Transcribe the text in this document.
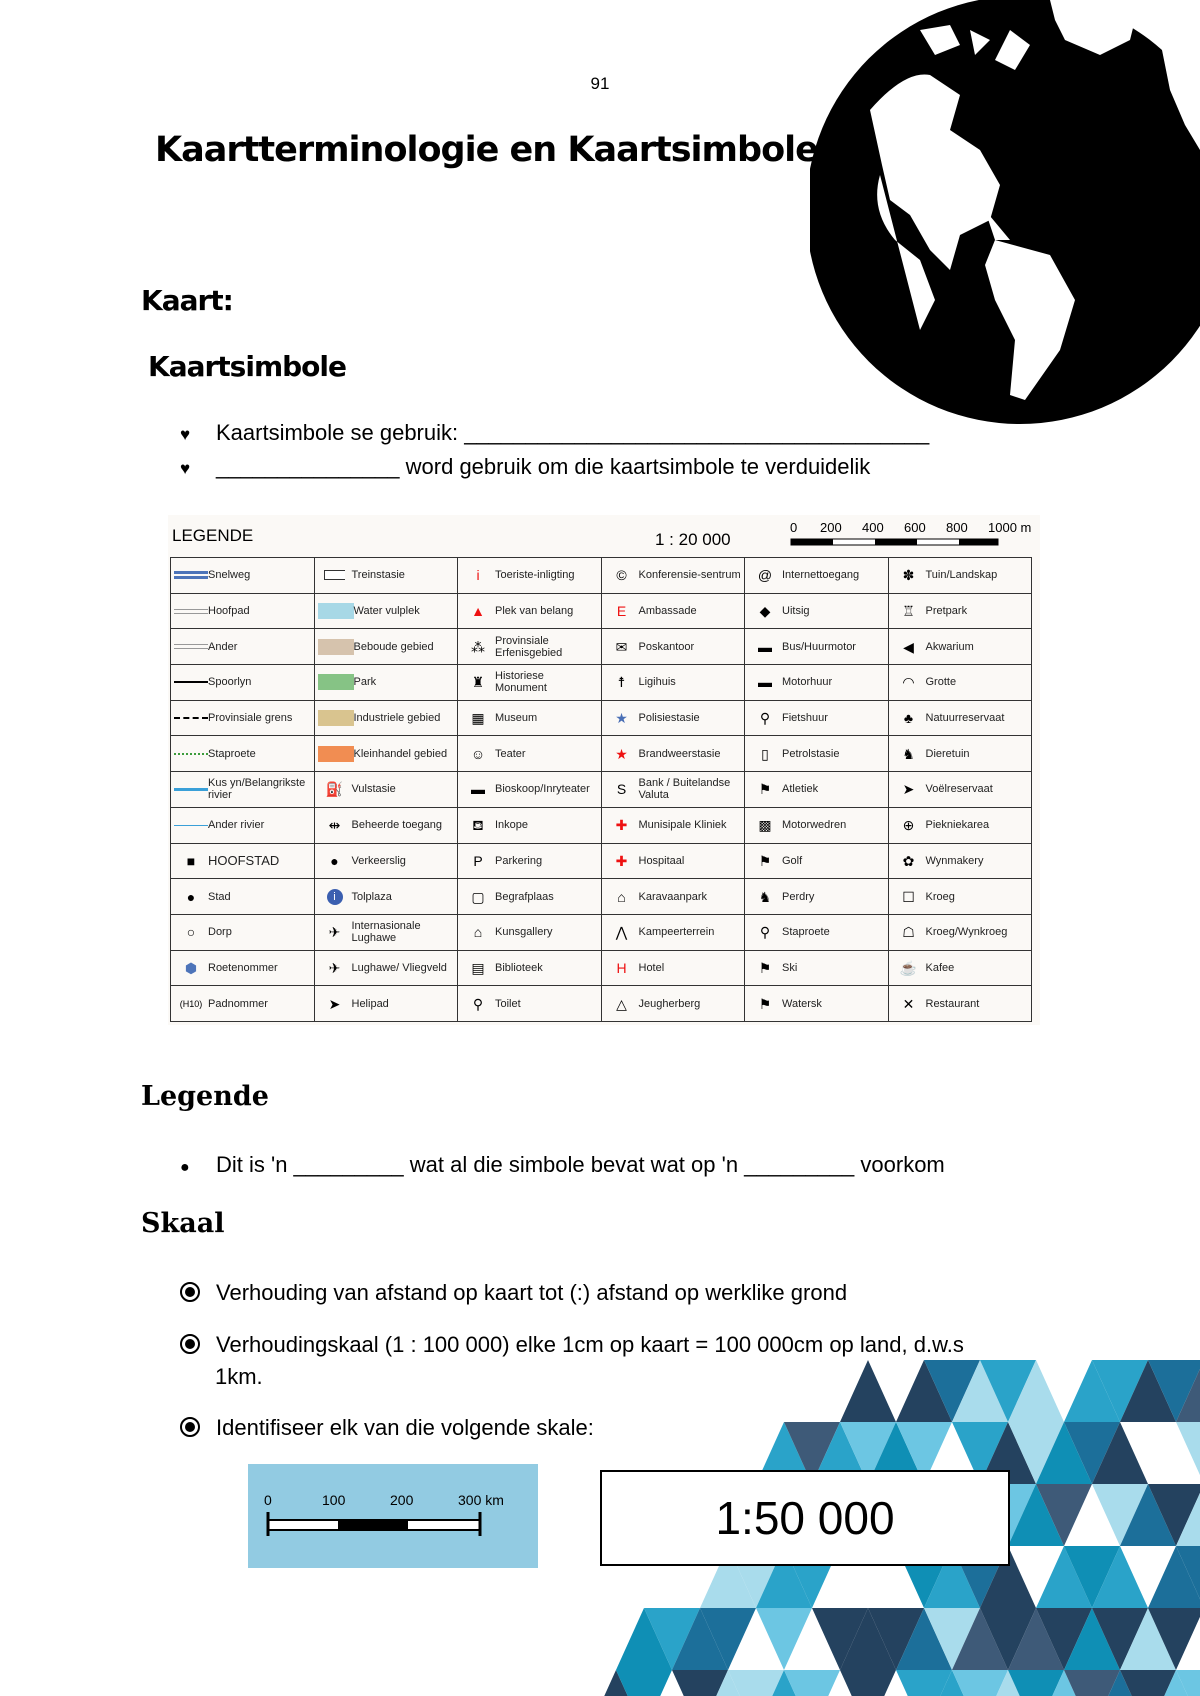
91
Kaartterminologie en Kaartsimbole
Kaart:
Kaartsimbole
♥ Kaartsimbole se gebruik: ______________________________________
♥ _______________ word gebruik om die kaartsimbole te verduidelik
LEGENDE	1 : 20 000
0 200 400 600 800 1000 m
Snelweg	Treinstasie	i Toeriste-inligting	© Konferensie-sentrum	@ Internettoegang	✽ Tuin/Landskap

Hoofpad	Water vulplek	▲ Plek van belang	E Ambassade	◆ Uitsig	♖ Pretpark

Ander	Beboude gebied	⁂ Provinsiale Erfenisgebied	✉ Poskantoor	▬ Bus/Huurmotor	◀ Akwarium

Spoorlyn	Park	♜ Historiese Monument	☨ Ligihuis	▬ Motorhuur	◠ Grotte

Provinsiale grens	Industriele gebied	▦ Museum	★ Polisiestasie	⚲ Fietshuur	♣ Natuurreservaat

Staproete	Kleinhandel gebied	☺ Teater	★ Brandweerstasie	▯ Petrolstasie	♞ Dieretuin

Kus yn/Belangrikste rivier	⛽ Vulstasie	▬ Bioskoop/Inryteater	S Bank / Buitelandse Valuta	⚑ Atletiek	➤ Voëlreservaat

Ander rivier	⇹ Beheerde toegang	⛾ Inkope	✚ Munisipale Kliniek	▩ Motorwedren	⊕ Piekniekarea

■ HOOFSTAD	● Verkeerslig	P Parkering	✚ Hospitaal	⚑ Golf	✿ Wynmakery

● Stad	i Tolplaza	▢ Begrafplaas	⌂ Karavaanpark	♞ Perdry	☐ Kroeg

○ Dorp	✈ Internasionale Lughawe	⌂ Kunsgallery	⋀ Kampeerterrein	⚲ Staproete	☖ Kroeg/Wynkroeg

⬢ Roetenommer	✈ Lughawe/ Vliegveld	▤ Biblioteek	H Hotel	⚑ Ski	☕ Kafee

(H10) Padnommer	➤ Helipad	⚲ Toilet	△ Jeugherberg	⚑ Watersk	✕ Restaurant
Legende
● Dit is 'n _________ wat al die simbole bevat wat op 'n _________ voorkom
Skaal
Verhouding van afstand op kaart tot (:) afstand op werklike grond
Verhoudingskaal (1 : 100 000) elke 1cm op kaart = 100 000cm op land, d.w.s
1km.
Identifiseer elk van die volgende skale:
0	100	200	300 km	1:50 000
